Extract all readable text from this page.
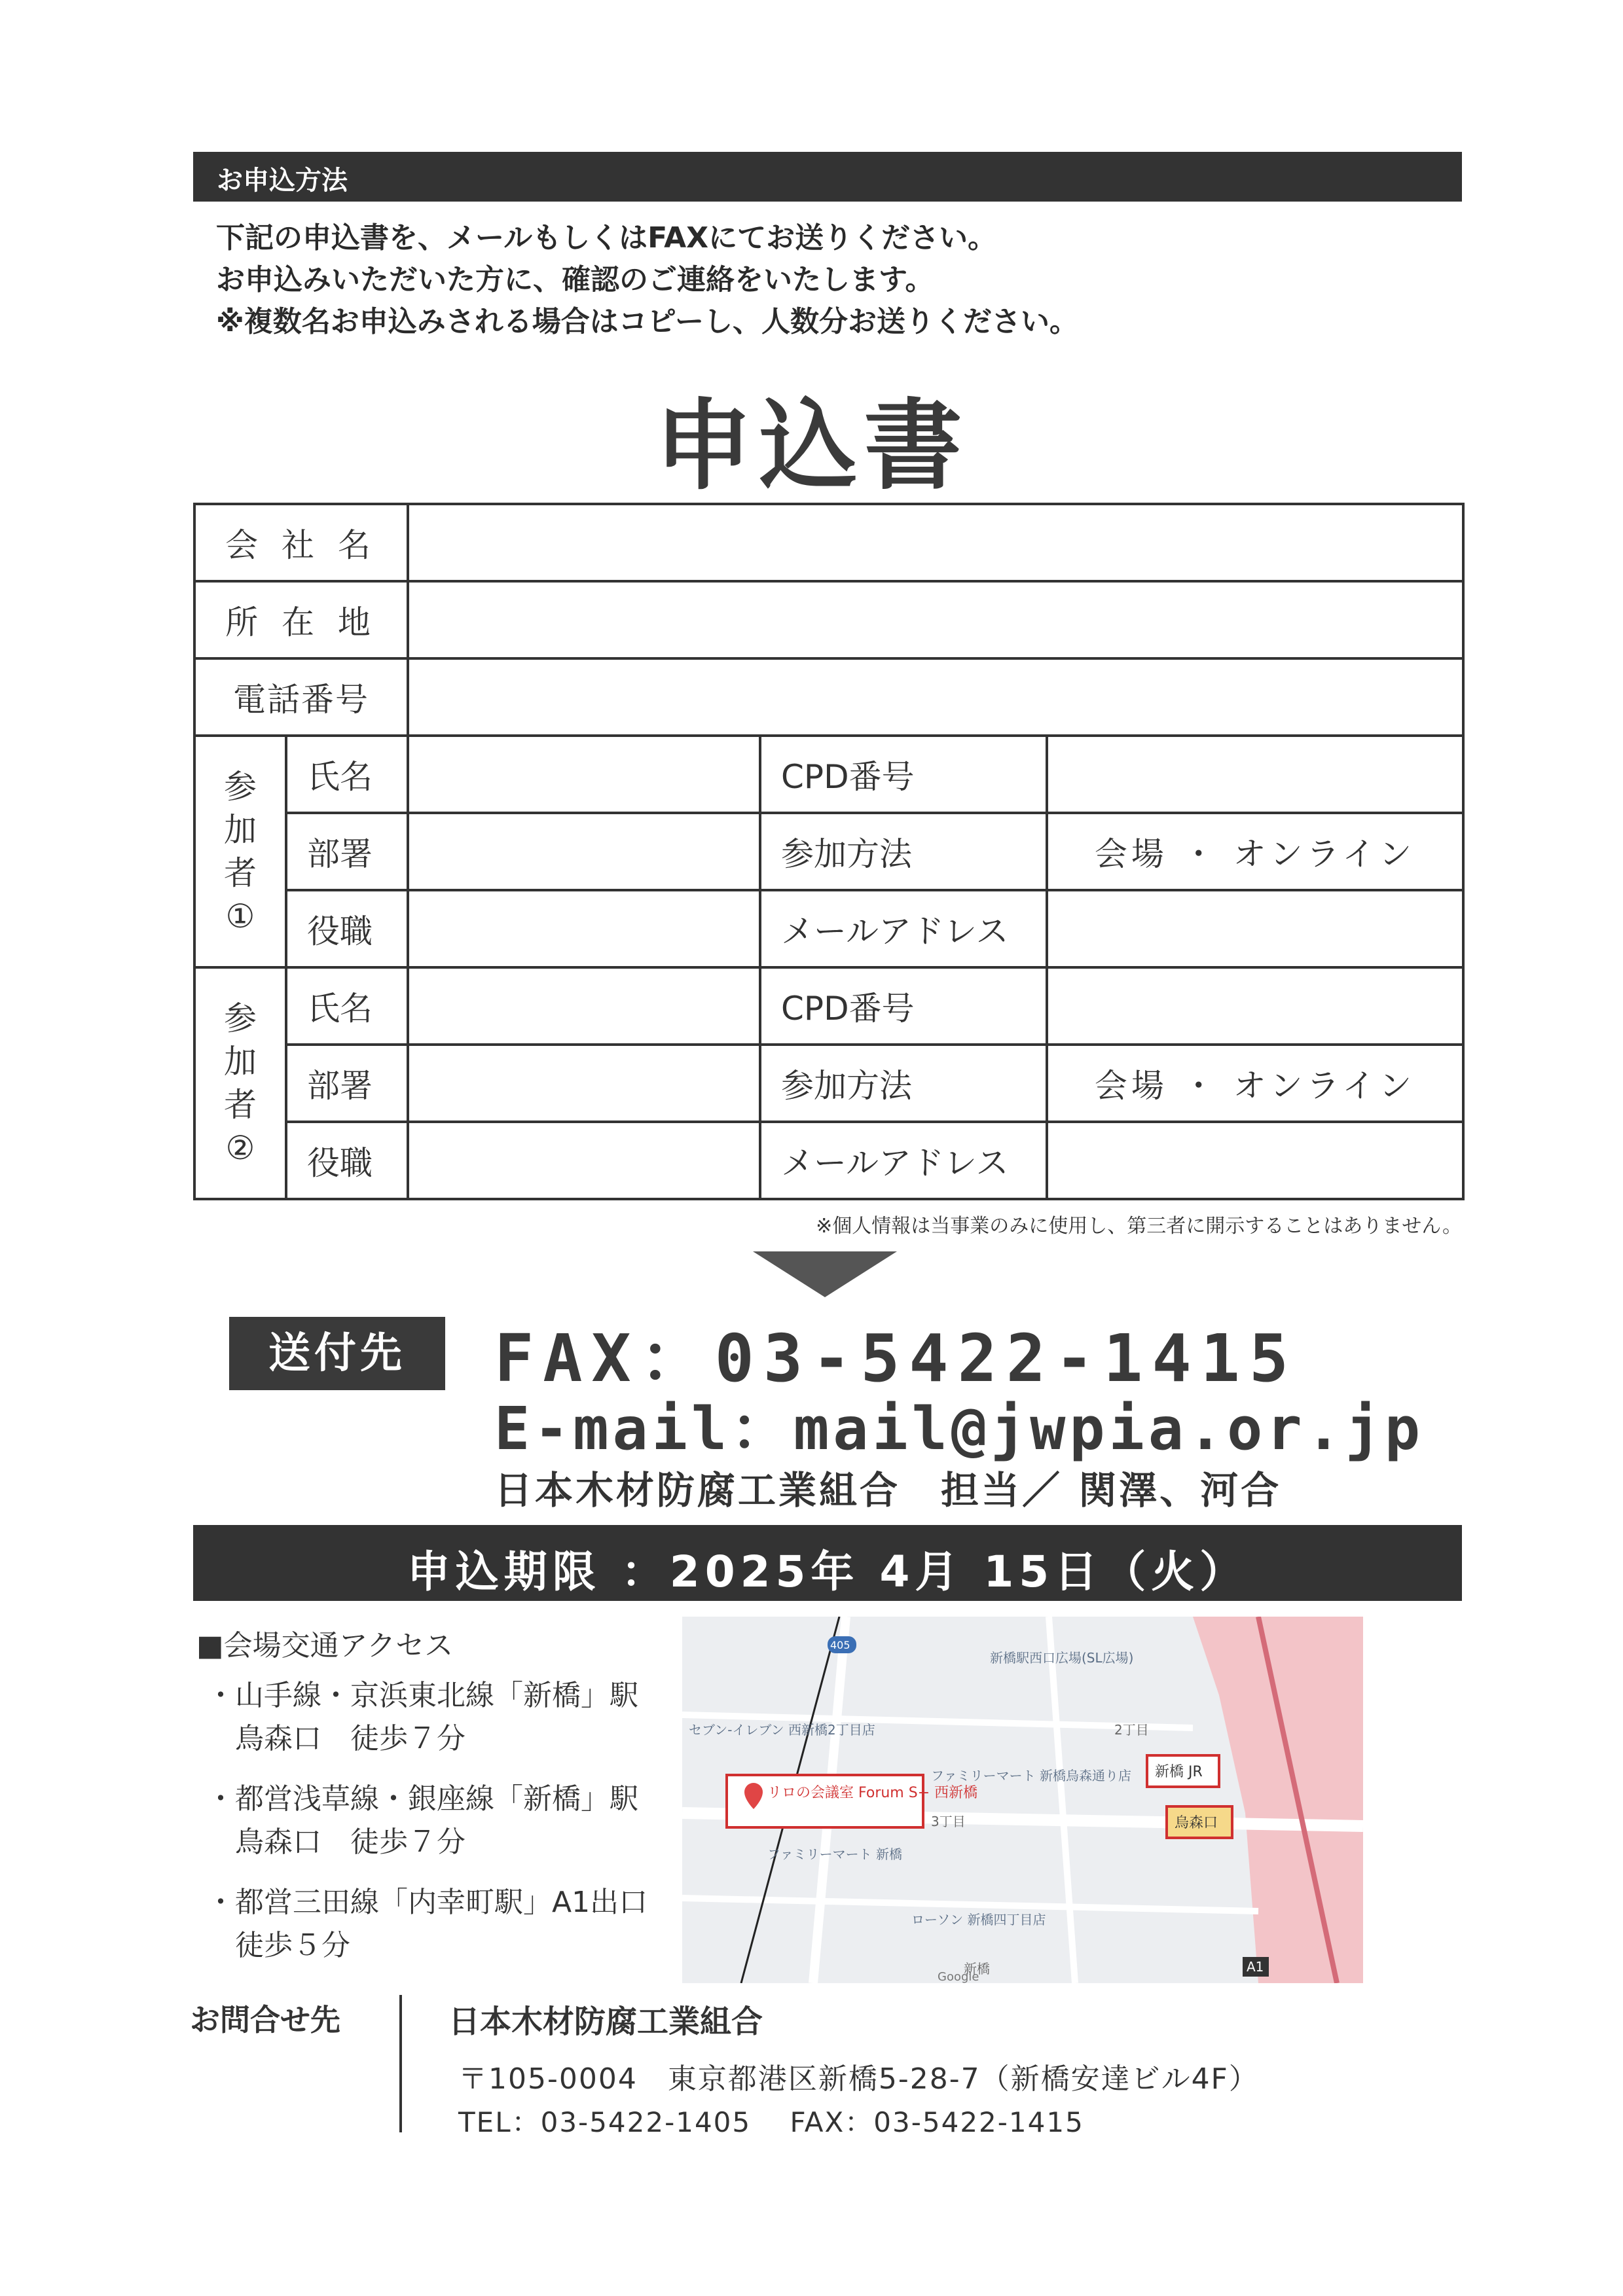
お申込方法
下記の申込書を、メールもしくはFAXにてお送りください。
お申込みいただいた方に、確認のご連絡をいたします。
※複数名お申込みされる場合はコピーし、人数分お送りください。
申込書
会 社 名				
所 在 地				
電話番号				
参
加
者
①	氏名		CPD番号	
	部署		参加方法	会場 ・ オンライン
	役職		メールアドレス	
参
加
者
②	氏名		CPD番号	
	部署		参加方法	会場 ・ オンライン
	役職		メールアドレス	
※個人情報は当事業のみに使用し、第三者に開示することはありません。
送付先	FAX：03-5422-1415
E-mail：mail@jwpia.or.jp
日本木材防腐工業組合　担当／ 関澤、河合
申込期限 ：2025年 4月 15日（火）
■会場交通アクセス
・山手線・京浜東北線「新橋」駅
　鳥森口　徒歩７分
・都営浅草線・銀座線「新橋」駅
　鳥森口　徒歩７分
・都営三田線「内幸町駅」A1出口
　徒歩５分
リロの会議室 Forum S+ 西新橋
新橋 JR
烏森口
セブン-イレブン 西新橋2丁目店
ファミリーマート 新橋烏森通り店
ファミリーマート 新橋
ローソン 新橋四丁目店
新橋駅西口広場(SL広場)
3丁目
2丁目
新橋
405
A1
Google
お問合せ先	日本木材防腐工業組合
〒105-0004　東京都港区新橋5-28-7（新橋安達ビル4F）
TEL：03-5422-1405　 FAX：03-5422-1415
